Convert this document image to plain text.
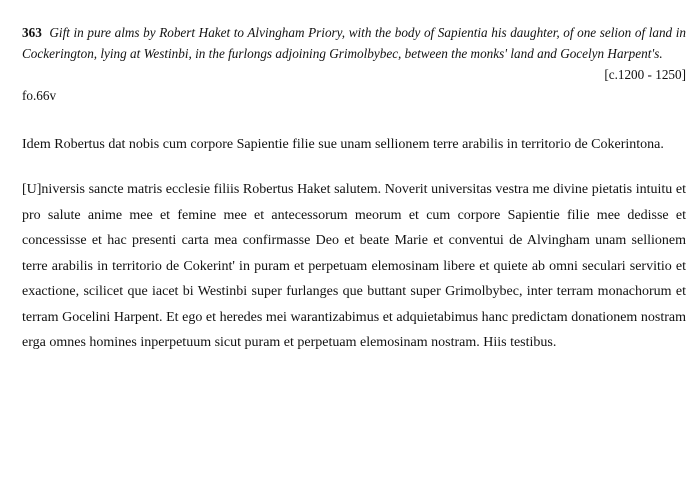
363 Gift in pure alms by Robert Haket to Alvingham Priory, with the body of Sapientia his daughter, of one selion of land in Cockerington, lying at Westinbi, in the furlongs adjoining Grimolbybec, between the monks' land and Gocelyn Harpent's.
[c.1200 - 1250]
fo.66v

Idem Robertus dat nobis cum corpore Sapientie filie sue unam sellionem terre arabilis in territorio de Cokerintona.

[U]niversis sancte matris ecclesie filiis Robertus Haket salutem. Noverit universitas vestra me divine pietatis intuitu et pro salute anime mee et femine mee et antecessorum meorum et cum corpore Sapientie filie mee dedisse et concessisse et hac presenti carta mea confirmasse Deo et beate Marie et conventui de Alvingham unam sellionem terre arabilis in territorio de Cokerint' in puram et perpetuam elemosinam libere et quiete ab omni seculari servitio et exactione, scilicet que iacet bi Westinbi super furlanges que buttant super Grimolbybec, inter terram monachorum et terram Gocelini Harpent. Et ego et heredes mei warantizabimus et adquietabimus hanc predictam donationem nostram erga omnes homines inperpetuum sicut puram et perpetuam elemosinam nostram. Hiis testibus.
